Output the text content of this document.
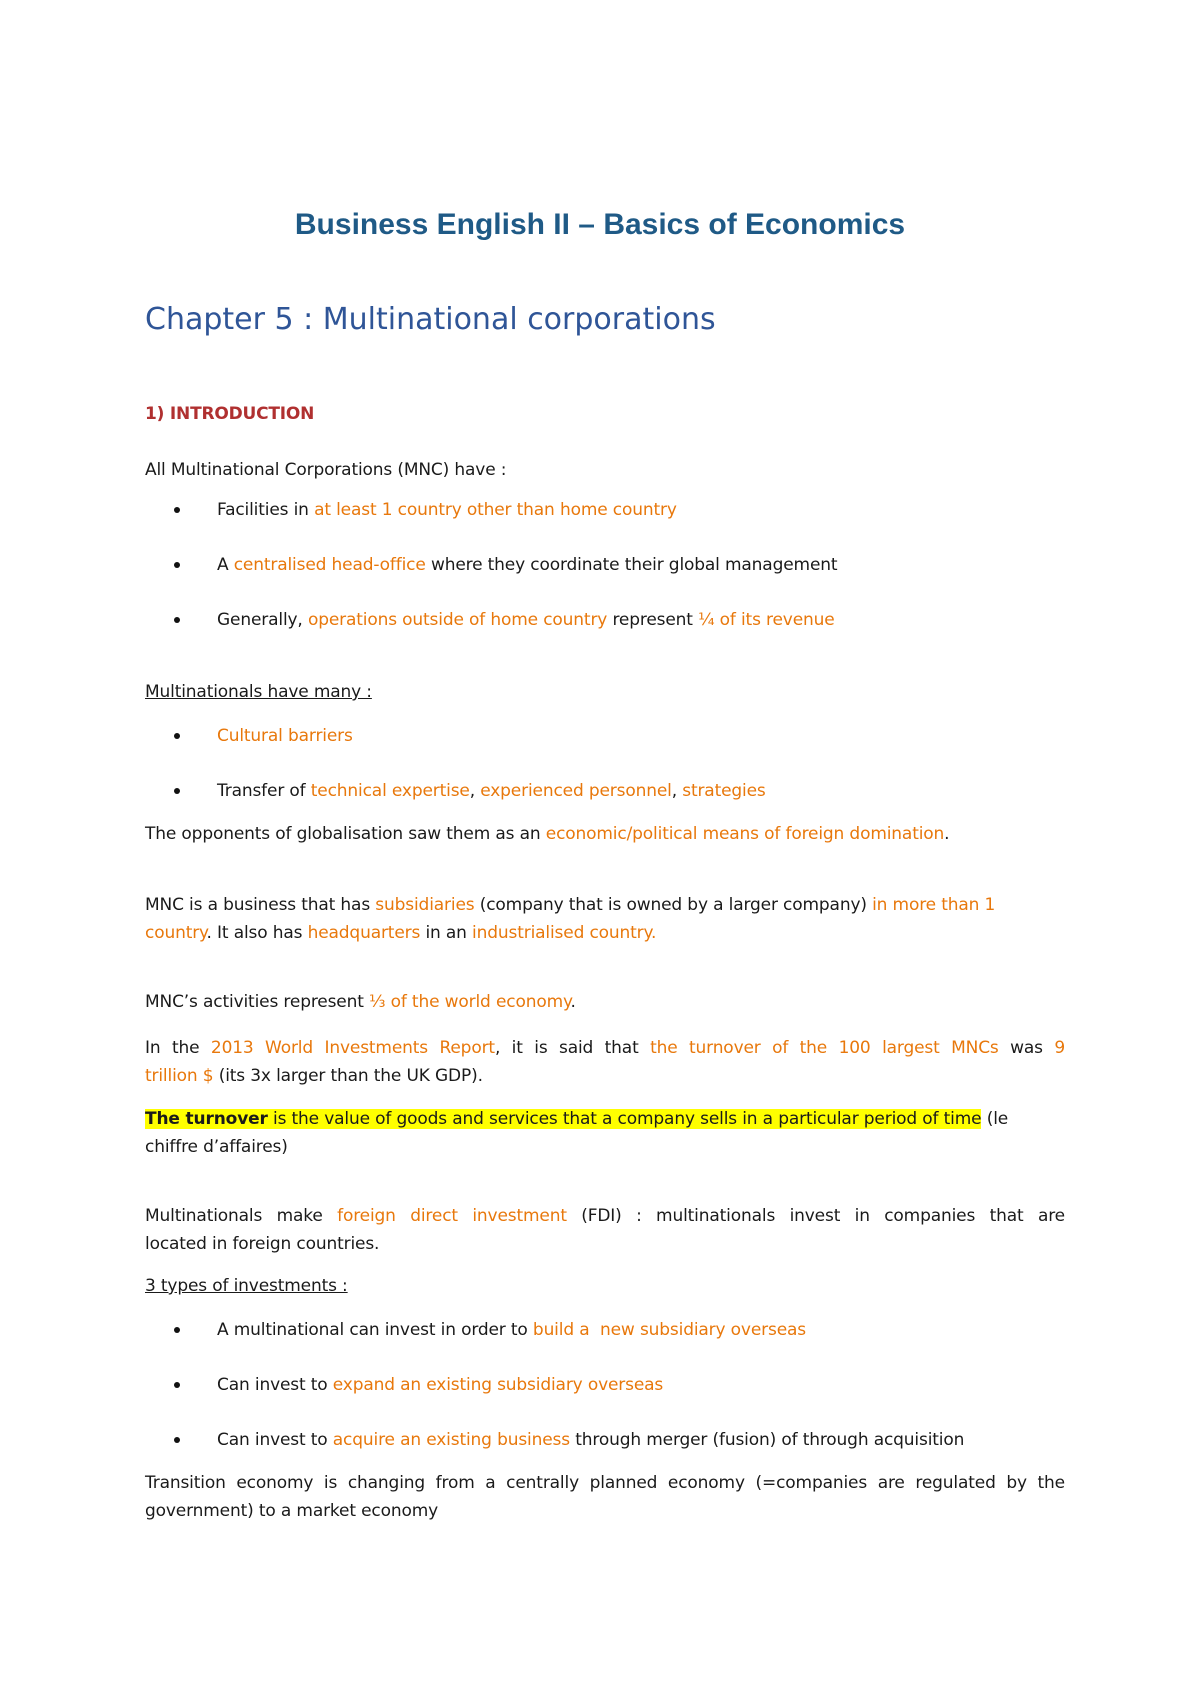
Business English II – Basics of Economics
Chapter 5 : Multinational corporations
1) INTRODUCTION
All Multinational Corporations (MNC) have :
Facilities in at least 1 country other than home country
A centralised head-office where they coordinate their global management
Generally, operations outside of home country represent ¼ of its revenue
Multinationals have many :
Cultural barriers
Transfer of technical expertise, experienced personnel, strategies
The opponents of globalisation saw them as an economic/political means of foreign domination.
MNC is a business that has subsidiaries (company that is owned by a larger company) in more than 1
country. It also has headquarters in an industrialised country.
MNC’s activities represent ⅓ of the world economy.
In the 2013 World Investments Report, it is said that the turnover of the 100 largest MNCs was 9
trillion $ (its 3x larger than the UK GDP).
The turnover is the value of goods and services that a company sells in a particular period of time (le
chiffre d’affaires)
Multinationals make foreign direct investment (FDI) : multinationals invest in companies that are
located in foreign countries.
3 types of investments :
A multinational can invest in order to build a  new subsidiary overseas
Can invest to expand an existing subsidiary overseas
Can invest to acquire an existing business through merger (fusion) of through acquisition
Transition economy is changing from a centrally planned economy (=companies are regulated by the
government) to a market economy
